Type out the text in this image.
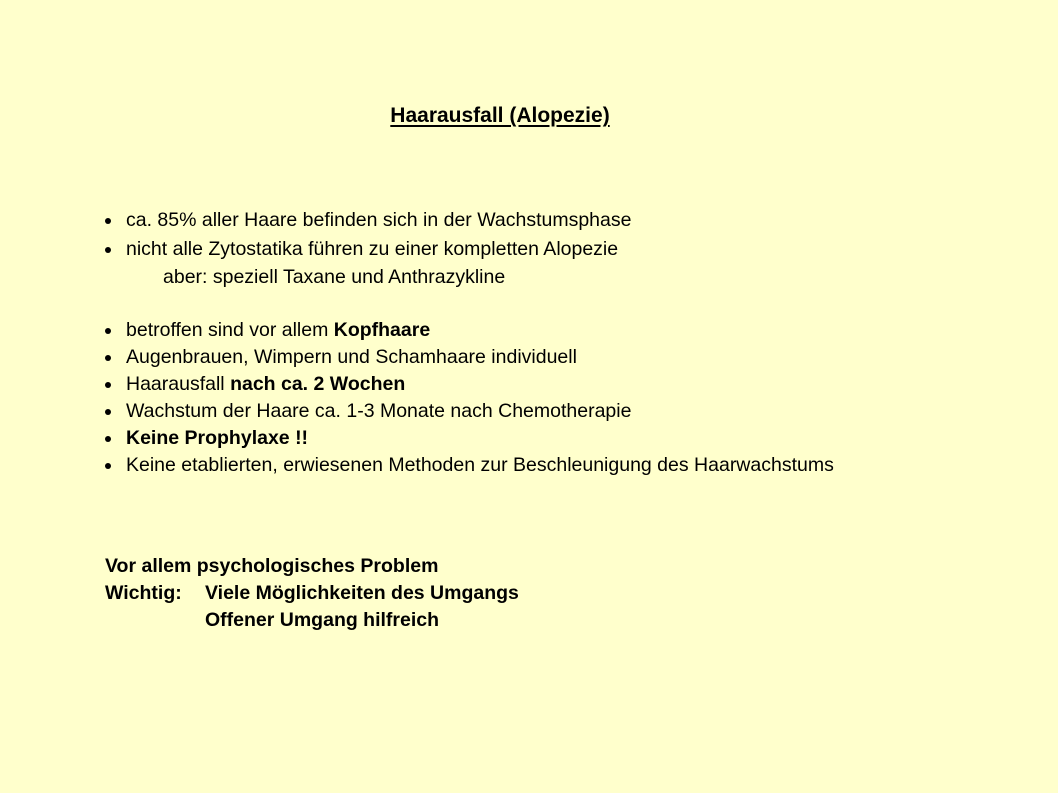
Haarausfall (Alopezie)
ca. 85% aller Haare befinden sich in der Wachstumsphase
nicht alle Zytostatika führen zu einer kompletten Alopezie
aber: speziell Taxane und Anthrazykline
betroffen sind vor allem Kopfhaare
Augenbrauen, Wimpern und Schamhaare individuell
Haarausfall nach ca. 2 Wochen
Wachstum der Haare ca. 1-3 Monate nach Chemotherapie
Keine Prophylaxe !!
Keine etablierten, erwiesenen Methoden zur Beschleunigung des Haarwachstums
Vor allem psychologisches Problem
Wichtig: Viele Möglichkeiten des Umgangs
Offener Umgang hilfreich
